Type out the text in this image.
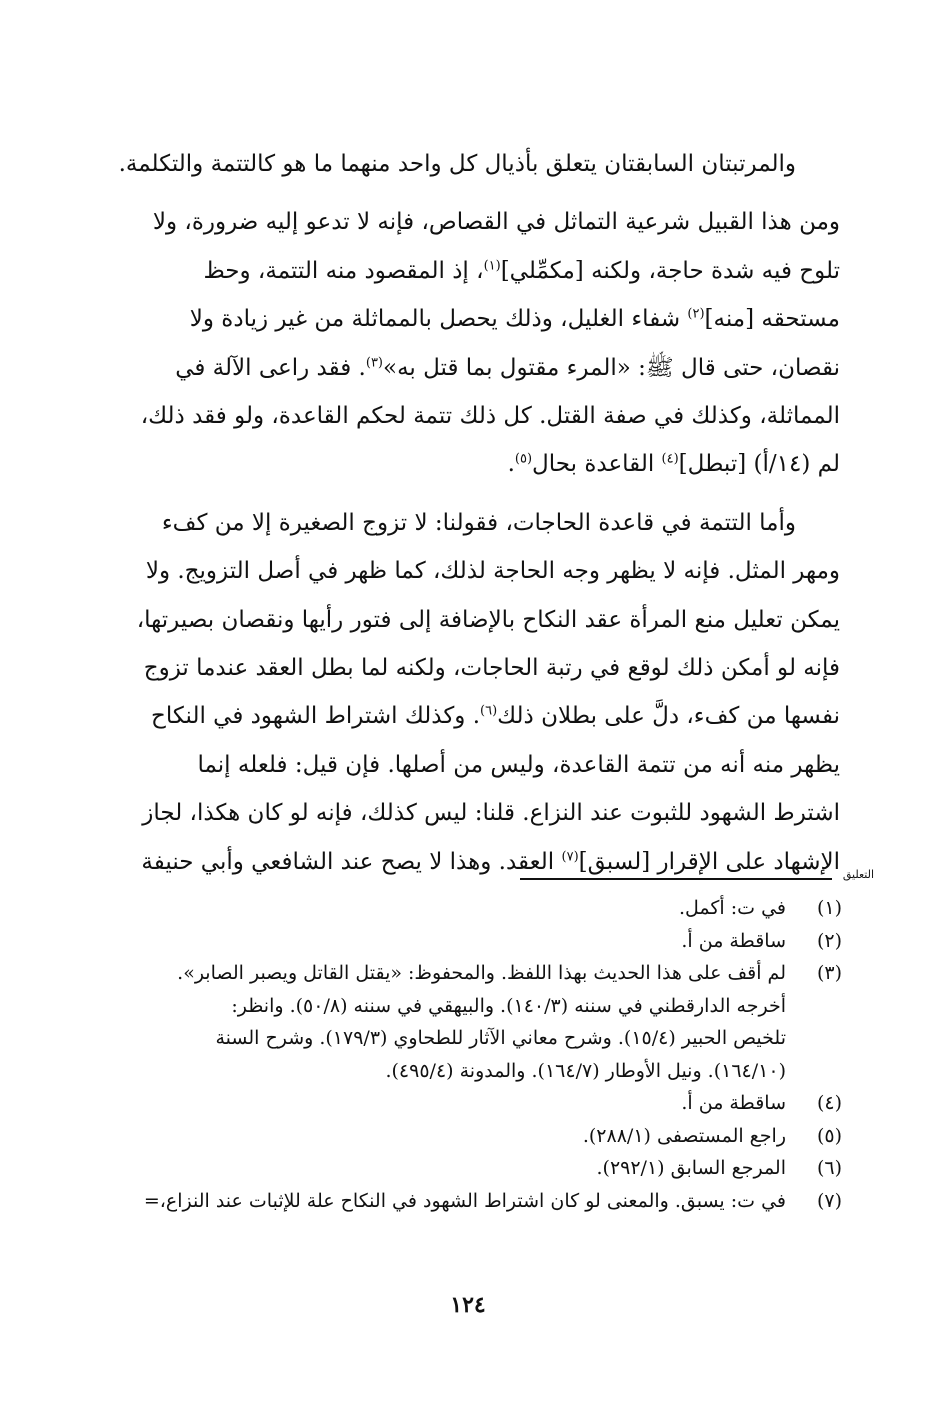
والمرتبتان السابقتان يتعلق بأذيال كل واحد منهما ما هو كالتتمة والتكلمة.

ومن هذا القبيل شرعية التماثل في القصاص، فإنه لا تدعو إليه ضرورة، ولا

تلوح فيه شدة حاجة، ولكنه [مكمِّلي]$^{(١)}$، إذ المقصود منه التتمة، وحظ

مستحقه [منه]$^{(٢)}$ شفاء الغليل، وذلك يحصل بالمماثلة من غير زيادة ولا

نقصان، حتى قال ﷺ: «المرء مقتول بما قتل به»$^{(٣)}$. فقد راعى الآلة في

المماثلة، وكذلك في صفة القتل. كل ذلك تتمة لحكم القاعدة، ولو فقد ذلك،

لم (١٤/أ) [تبطل]$^{(٤)}$ القاعدة بحال$^{(٥)}$.

وأما التتمة في قاعدة الحاجات، فقولنا: لا تزوج الصغيرة إلا من كفء

ومهر المثل. فإنه لا يظهر وجه الحاجة لذلك، كما ظهر في أصل التزويج. ولا

يمكن تعليل منع المرأة عقد النكاح بالإضافة إلى فتور رأيها ونقصان بصيرتها،

فإنه لو أمكن ذلك لوقع في رتبة الحاجات، ولكنه لما بطل العقد عندما تزوج

نفسها من كفء، دلَّ على بطلان ذلك$^{(٦)}$. وكذلك اشتراط الشهود في النكاح

يظهر منه أنه من تتمة القاعدة، وليس من أصلها. فإن قيل: فلعله إنما

اشترط الشهود للثبوت عند النزاع. قلنا: ليس كذلك، فإنه لو كان هكذا، لجاز

الإشهاد على الإقرار [لسبق]$^{(٧)}$ العقد. وهذا لا يصح عند الشافعي وأبي حنيفة	التعليق
(١)
في ت: أكمل.
(٢)
ساقطة من أ.
(٣)
لم أقف على هذا الحديث بهذا اللفظ. والمحفوظ: «يقتل القاتل ويصبر الصابر».
أخرجه الدارقطني في سننه (١٤٠/٣). والبيهقي في سننه (٥٠/٨). وانظر:
تلخيص الحبير (١٥/٤). وشرح معاني الآثار للطحاوي (١٧٩/٣). وشرح السنة
(١٦٤/١٠). ونيل الأوطار (١٦٤/٧). والمدونة (٤٩٥/٤).
(٤)
ساقطة من أ.
(٥)
راجع المستصفى (٢٨٨/١).
(٦)
المرجع السابق (٢٩٢/١).
(٧)
في ت: يسبق. والمعنى لو كان اشتراط الشهود في النكاح علة للإثبات عند النزاع،=
١٢٤
